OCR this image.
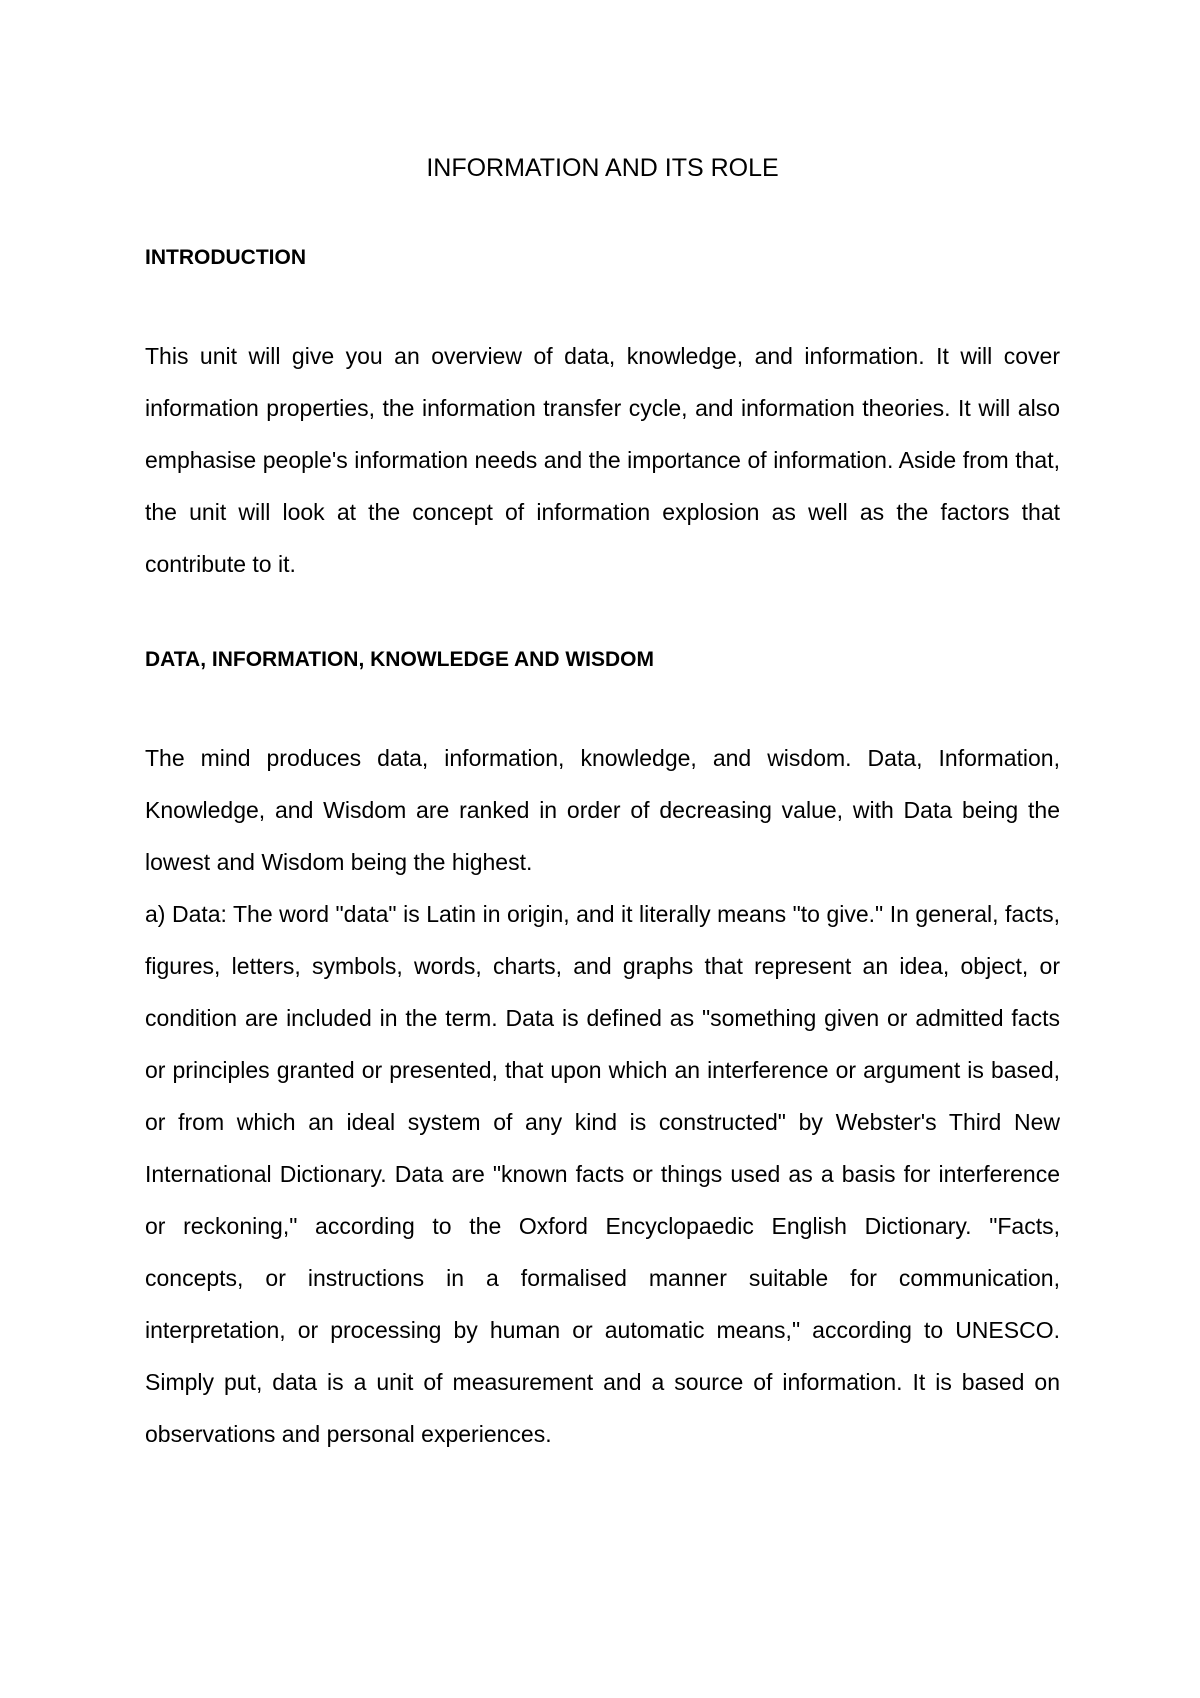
INFORMATION AND ITS ROLE
INTRODUCTION

This unit will give you an overview of data, knowledge, and information. It will cover information properties, the information transfer cycle, and information theories. It will also emphasise people's information needs and the importance of information. Aside from that, the unit will look at the concept of information explosion as well as the factors that contribute to it.

DATA, INFORMATION, KNOWLEDGE AND WISDOM

The mind produces data, information, knowledge, and wisdom. Data, Information, Knowledge, and Wisdom are ranked in order of decreasing value, with Data being the lowest and Wisdom being the highest.

a) Data: The word "data" is Latin in origin, and it literally means "to give." In general, facts, figures, letters, symbols, words, charts, and graphs that represent an idea, object, or condition are included in the term. Data is defined as "something given or admitted facts or principles granted or presented, that upon which an interference or argument is based, or from which an ideal system of any kind is constructed" by Webster's Third New International Dictionary. Data are "known facts or things used as a basis for interference or reckoning," according to the Oxford Encyclopaedic English Dictionary. "Facts, concepts, or instructions in a formalised manner suitable for communication, interpretation, or processing by human or automatic means," according to UNESCO. Simply put, data is a unit of measurement and a source of information. It is based on observations and personal experiences.
